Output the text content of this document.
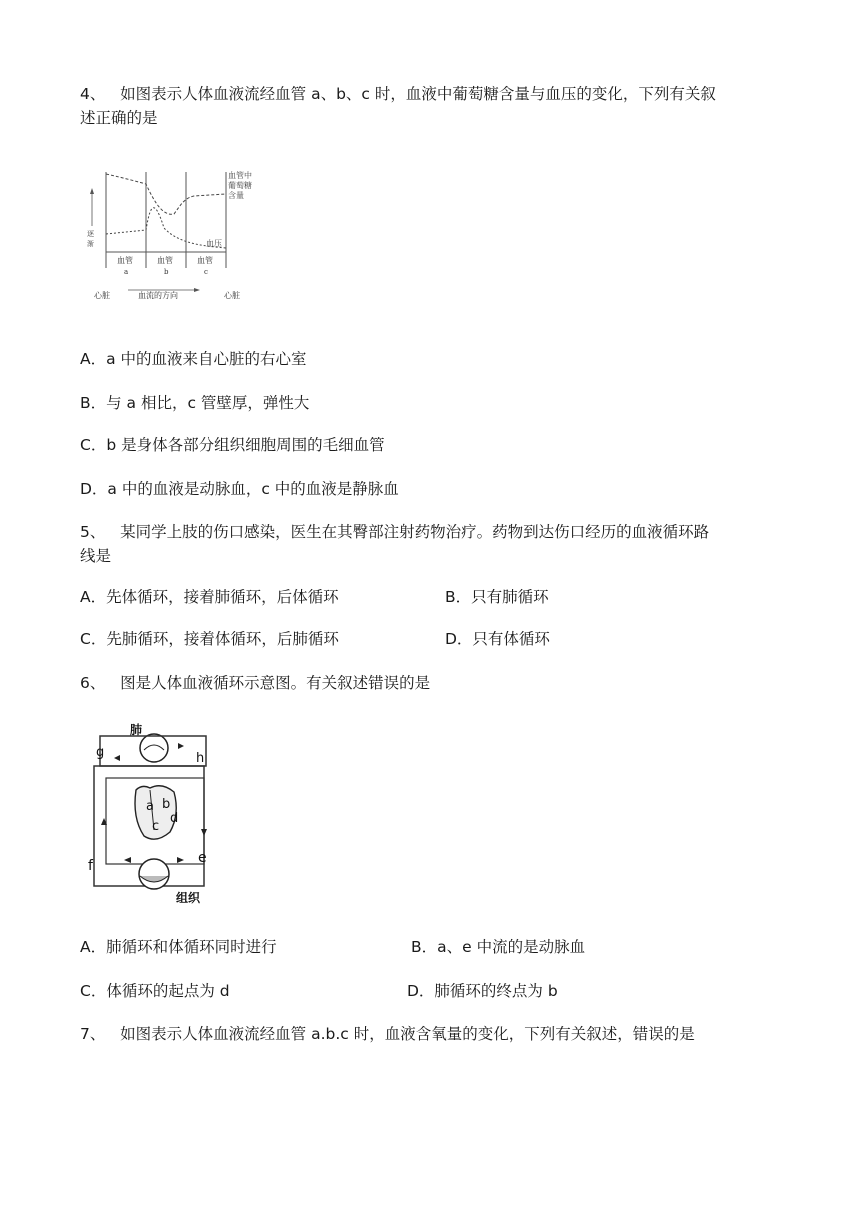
4、 如图表示人体血液流经血管 a、b、c 时，血液中葡萄糖含量与血压的变化，下列有关叙
述正确的是
逐
渐
血管中
葡萄糖
含量
血压
血管
a
血管
b
血管
c
心脏	血流的方向	心脏
A．a 中的血液来自心脏的右心室
B．与 a 相比，c 管壁厚，弹性大
C．b 是身体各部分组织细胞周围的毛细血管
D．a 中的血液是动脉血，c 中的血液是静脉血
5、 某同学上肢的伤口感染，医生在其臀部注射药物治疗。药物到达伤口经历的血液循环路
线是
A．先体循环，接着肺循环，后体循环	B．只有肺循环
C．先肺循环，接着体循环，后肺循环	D．只有体循环
6、 图是人体血液循环示意图。有关叙述错误的是
肺
组织
g	h
a b
c
d
e
f
A．肺循环和体循环同时进行	B．a、e 中流的是动脉血
C．体循环的起点为 d	D．肺循环的终点为 b
7、 如图表示人体血液流经血管 a.b.c 时，血液含氧量的变化，下列有关叙述，错误的是
